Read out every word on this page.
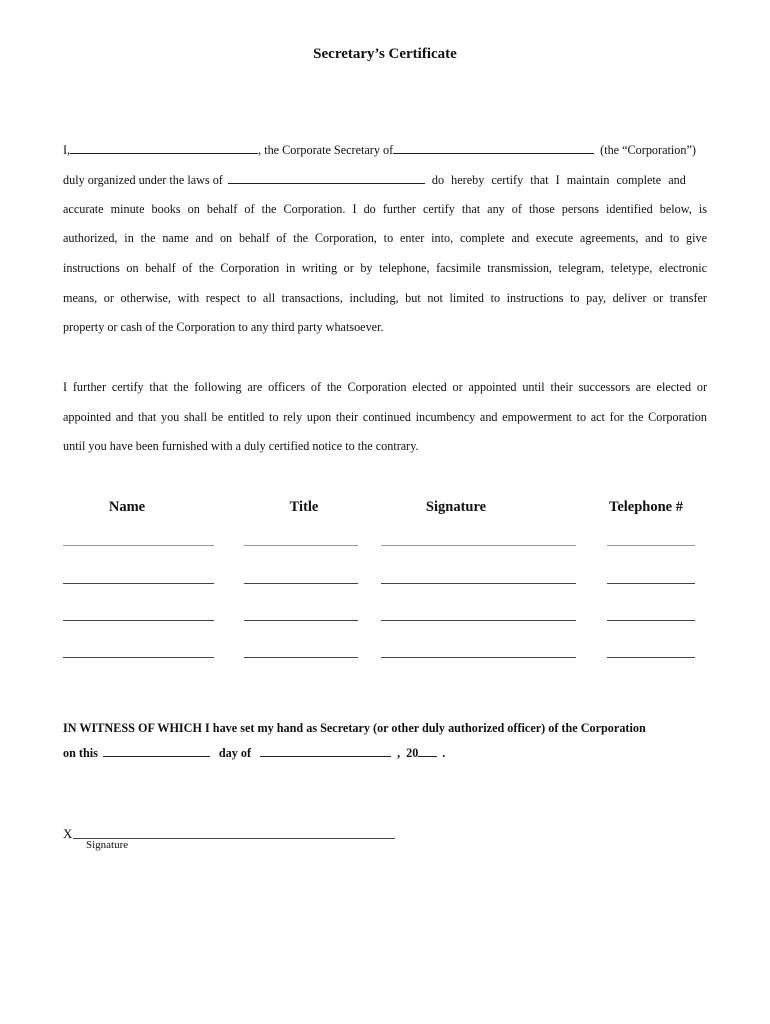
Secretary’s Certificate
I,	, the Corporate Secretary of	(the “Corporation”)
duly organized under the laws of	do hereby certify that I maintain complete and
accurate minute books on behalf of the Corporation. I do further certify that any of those persons identified below, is
authorized, in the name and on behalf of the Corporation, to enter into, complete and execute agreements, and to give
instructions on behalf of the Corporation in writing or by telephone, facsimile transmission, telegram, teletype, electronic
means, or otherwise, with respect to all transactions, including, but not limited to instructions to pay, deliver or transfer
property or cash of the Corporation to any third party whatsoever.
I further certify that the following are officers of the Corporation elected or appointed until their successors are elected or
appointed and that you shall be entitled to rely upon their continued incumbency and empowerment to act for the Corporation
until you have been furnished with a duly certified notice to the contrary.
Name	Title	Signature	Telephone #
IN WITNESS OF WHICH I have set my hand as Secretary (or other duly authorized officer) of the Corporation
on this	day of	, 20 .
X
Signature
